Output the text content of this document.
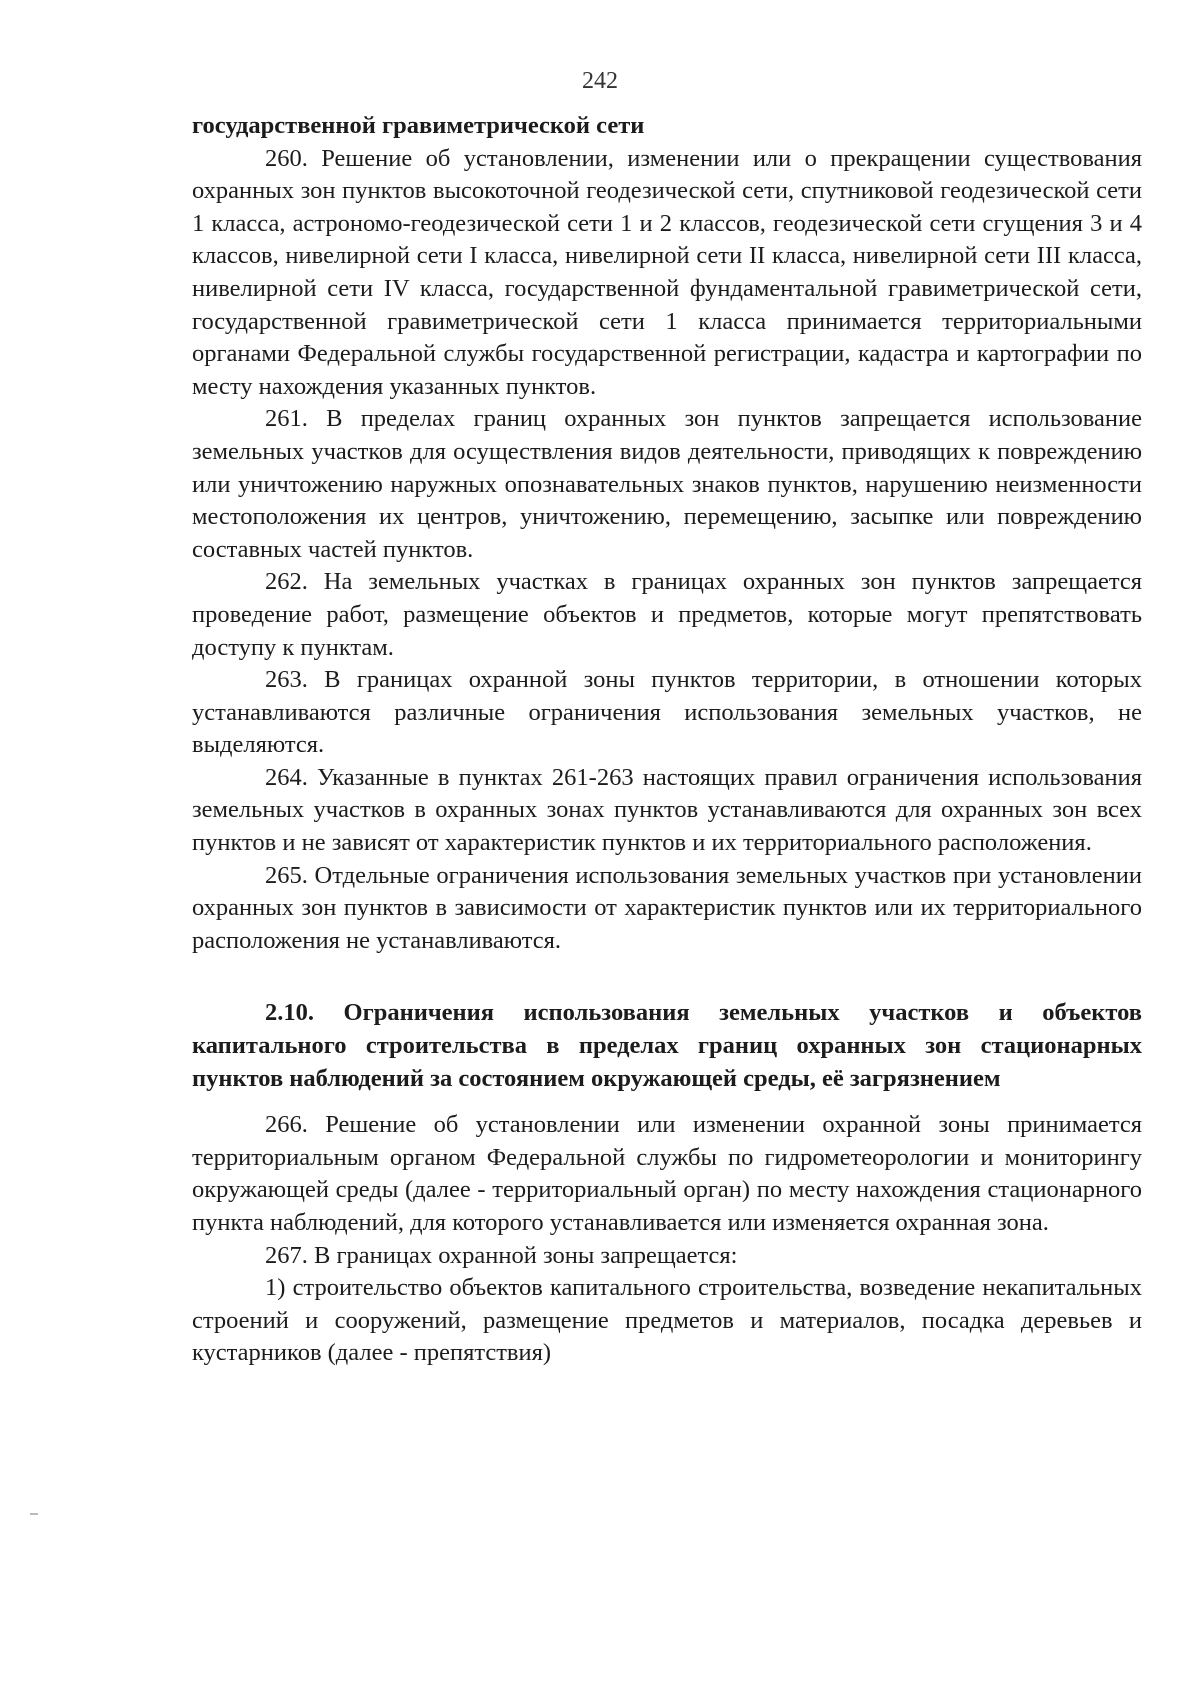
242

государственной гравиметрической сети

260. Решение об установлении, изменении или о прекращении существования охранных зон пунктов высокоточной геодезической сети, спутниковой геодезической сети 1 класса, астрономо-геодезической сети 1 и 2 классов, геодезической сети сгущения 3 и 4 классов, нивелирной сети I класса, нивелирной сети II класса, нивелирной сети III класса, нивелирной сети IV класса, государственной фундаментальной гравиметрической сети, государственной гравиметрической сети 1 класса принимается территориальными органами Федеральной службы государственной регистрации, кадастра и картографии по месту нахождения указанных пунктов.

261. В пределах границ охранных зон пунктов запрещается использование земельных участков для осуществления видов деятельности, приводящих к повреждению или уничтожению наружных опознавательных знаков пунктов, нарушению неизменности местоположения их центров, уничтожению, перемещению, засыпке или повреждению составных частей пунктов.

262. На земельных участках в границах охранных зон пунктов запрещается проведение работ, размещение объектов и предметов, которые могут препятствовать доступу к пунктам.

263. В границах охранной зоны пунктов территории, в отношении которых устанавливаются различные ограничения использования земельных участков, не выделяются.

264. Указанные в пунктах 261-263 настоящих правил ограничения использования земельных участков в охранных зонах пунктов устанавливаются для охранных зон всех пунктов и не зависят от характеристик пунктов и их территориального расположения.

265. Отдельные ограничения использования земельных участков при установлении охранных зон пунктов в зависимости от характеристик пунктов или их территориального расположения не устанавливаются.

2.10. Ограничения использования земельных участков и объектов капитального строительства в пределах границ охранных зон стационарных пунктов наблюдений за состоянием окружающей среды, её загрязнением

266. Решение об установлении или изменении охранной зоны принимается территориальным органом Федеральной службы по гидрометеорологии и мониторингу окружающей среды (далее - территориальный орган) по месту нахождения стационарного пункта наблюдений, для которого устанавливается или изменяется охранная зона.

267. В границах охранной зоны запрещается:

1) строительство объектов капитального строительства, возведение некапитальных строений и сооружений, размещение предметов и материалов, посадка деревьев и кустарников (далее - препятствия)
